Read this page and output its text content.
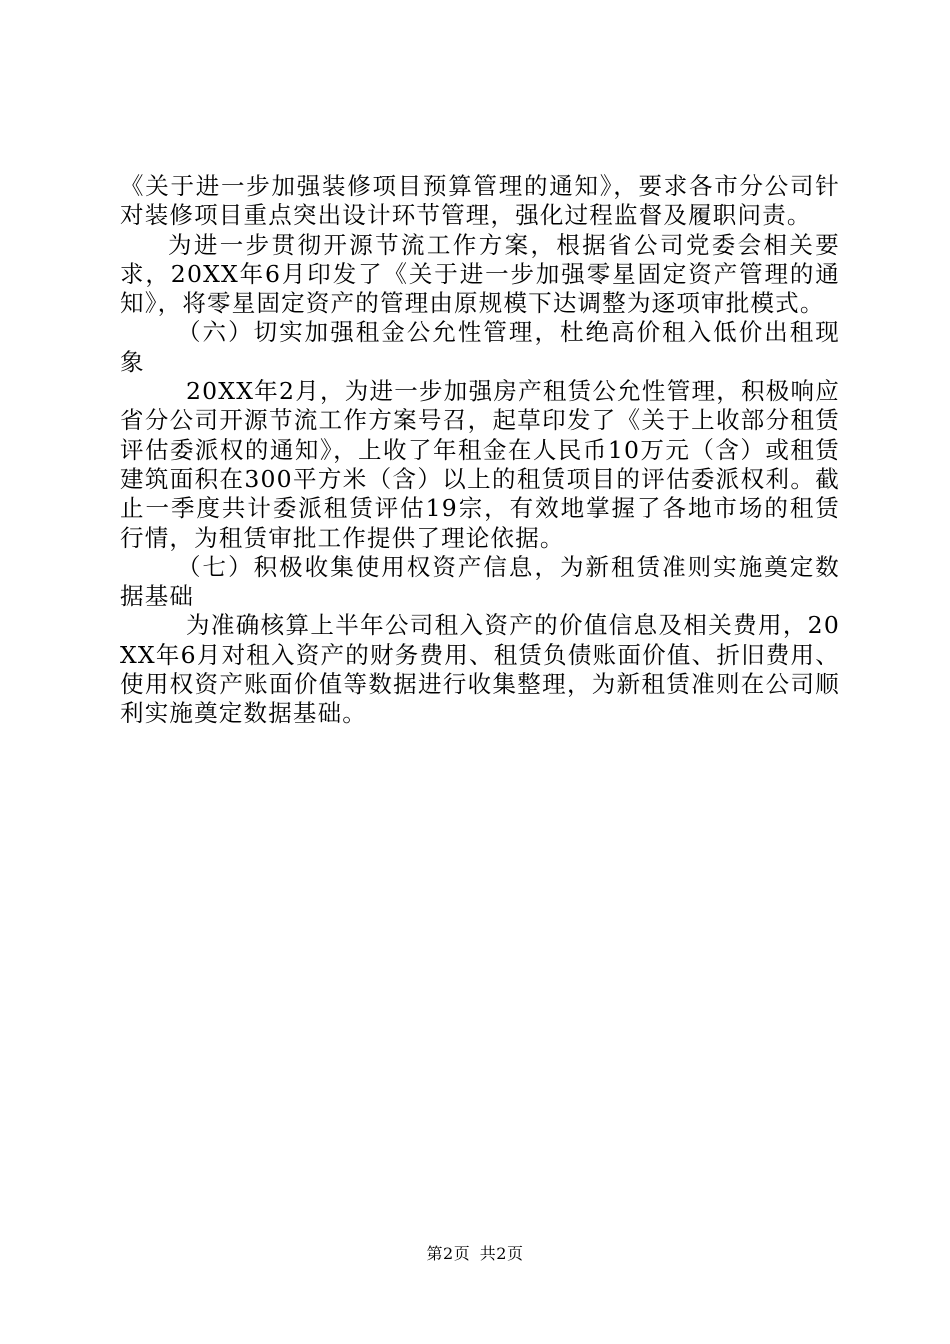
《关于进一步加强装修项目预算管理的通知》，要求各市分公司针对装修项目重点突出设计环节管理，强化过程监督及履职问责。

为进一步贯彻开源节流工作方案，根据省公司党委会相关要求，20XX年6月印发了《关于进一步加强零星固定资产管理的通知》，将零星固定资产的管理由原规模下达调整为逐项审批模式。

（六）切实加强租金公允性管理，杜绝高价租入低价出租现象

20XX年2月，为进一步加强房产租赁公允性管理，积极响应省分公司开源节流工作方案号召，起草印发了《关于上收部分租赁评估委派权的通知》，上收了年租金在人民币10万元（含）或租赁建筑面积在300平方米（含）以上的租赁项目的评估委派权利。截止一季度共计委派租赁评估19宗，有效地掌握了各地市场的租赁行情，为租赁审批工作提供了理论依据。

（七）积极收集使用权资产信息，为新租赁准则实施奠定数据基础

为准确核算上半年公司租入资产的价值信息及相关费用，20XX年6月对租入资产的财务费用、租赁负债账面价值、折旧费用、使用权资产账面价值等数据进行收集整理，为新租赁准则在公司顺利实施奠定数据基础。

第2页 共2页
